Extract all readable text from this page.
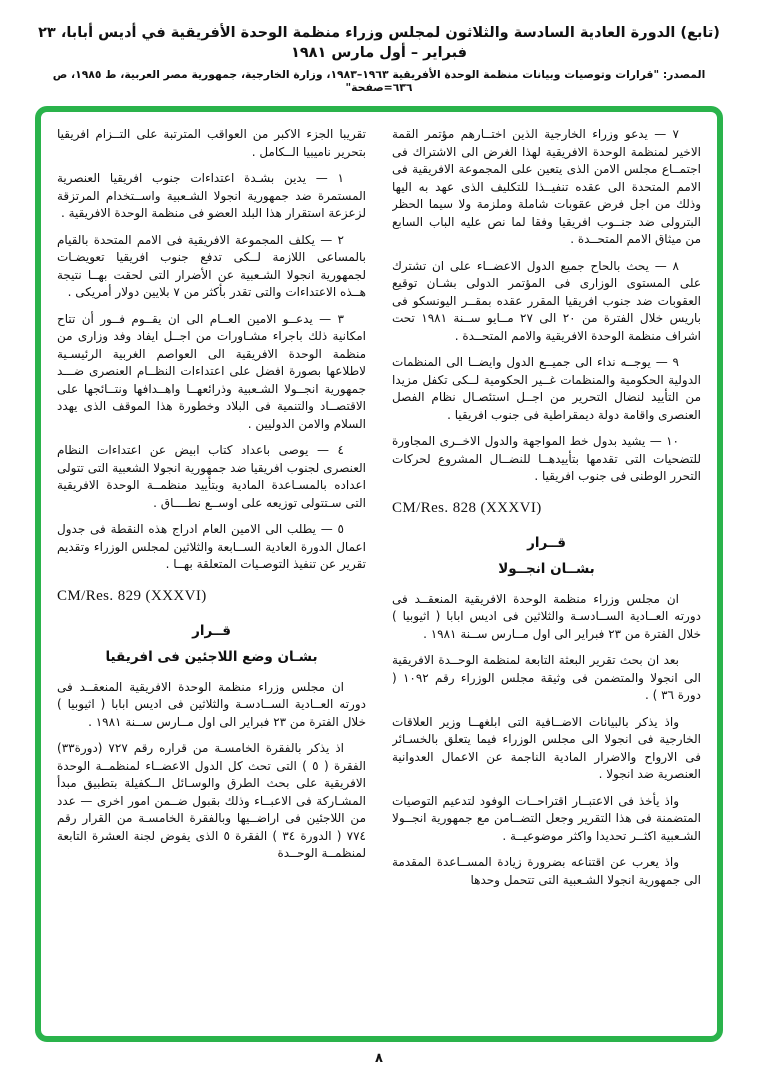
(تابع) الدورة العادية السادسة والثلاثون لمجلس وزراء منظمة الوحدة الأفريقية في أديس أبابا، ٢٣ فبراير – أول مارس ١٩٨١
المصدر: "قرارات وتوصيات وبيانات منظمة الوحدة الأفريقية ١٩٦٣–١٩٨٣، وزارة الخارجية، جمهورية مصر العربية، ط ١٩٨٥، ص ٦٣٦=صفحة"

٧ — يدعو وزراء الخارجية الذين اختــارهم مؤتمر القمة الاخير لمنظمة الوحدة الافريقية لهذا الغرض الى الاشتراك فى اجتمــاع مجلس الامن الذى يتعين على المجموعة الافريقية فى الامم المتحدة الى عقده تنفيــذا للتكليف الذى عهد به اليها وذلك من اجل فرض عقوبات شاملة وملزمة ولا سيما الحظر البترولى ضد جنــوب افريقيا وفقا لما نص عليه الباب السابع من ميثاق الامم المتحــدة .

٨ — يحث بالحاح جميع الدول الاعضــاء على ان تشترك على المستوى الوزارى فى المؤتمر الدولى بشـان توقيع العقوبات ضد جنوب افريقيا المقرر عقده بمقــر اليونسكو فى باريس خلال الفترة من ٢٠ الى ٢٧ مــايو ســنة ١٩٨١ تحت اشراف منظمة الوحدة الافريقية والامم المتحــدة .

٩ — يوجــه نداء الى جميــع الدول وايضــا الى المنظمات الدولية الحكومية والمنظمات غــير الحكومية لــكى تكفل مزيدا من التأييد لنضال التحرير من اجــل استئصـال نظام الفصل العنصرى واقامة دولة ديمقراطية فى جنوب افريقيا .

١٠ — يشيد بدول خط المواجهة والدول الاخــرى المجاورة للتضحيات التى تقدمها بتأييدهــا للنضــال المشروع لحركات التحرر الوطنى فى جنوب افريقيا .

CM/Res. 828 (XXXVI)
قــرار
بشــان انجــولا

ان مجلس وزراء منظمة الوحدة الافريقية المنعقــد فى دورته العــادية الســادسـة والثلاثين فى اديس ابابا ( اثيوبيا ) خلال الفترة من ٢٣ فبراير الى اول مــارس ســنة ١٩٨١ .

بعد ان بحث تقرير البعثة التابعة لمنظمة الوحــدة الافريقية الى انجولا والمتضمن فى وثيقة مجلس الوزراء رقم ١٠٩٢ ( دورة ٣٦ ) .

واذ يذكر بالبيانات الاضــافية التى ابلغهــا وزير العلاقات الخارجية فى انجولا الى مجلس الوزراء فيما يتعلق بالخسـائر فى الارواح والاضرار المادية الناجمة عن الاعمال العدوانية العنصرية ضد انجولا .

واذ يأخذ فى الاعتبــار اقتراحــات الوفود لتدعيم التوصيات المتضمنة فى هذا التقرير وجعل التضــامن مع جمهورية انجــولا الشـعبية اكثــر تحديدا واكثر موضوعيــة .

واذ يعرب عن اقتناعه بضرورة زيادة المســاعدة المقدمة الى جمهورية انجولا الشـعبية التى تتحمل وحدها

تقريبا الجزء الاكبر من العواقب المترتبة على التــزام افريقيا بتحرير ناميبيا الــكامل .

١ — يدين بشـدة اعتداءات جنوب افريقيا العنصرية المستمرة ضد جمهورية انجولا الشـعبية واســتخدام المرتزقة لزعزعة استقرار هذا البلد العضو فى منظمة الوحدة الافريقية .

٢ — يكلف المجموعة الافريقية فى الامم المتحدة بالقيام بالمساعى اللازمة لــكى تدفع جنوب افريقيا تعويضـات لجمهورية انجولا الشـعبية عن الأضرار التى لحقت بهــا نتيجة هــذه الاعتداءات والتى تقدر بأكثر من ٧ بلايين دولار أمريكى .

٣ — يدعــو الامين العــام الى ان يقــوم فــور أن تتاح امكانية ذلك باجراء مشـاورات من اجــل ايفاد وفد وزارى من منظمة الوحدة الافريقية الى العواصم الغربية الرئيسـية لاطلاعها بصورة افضل على اعتداءات النظــام العنصرى ضـــد جمهورية انجــولا الشـعبية وذرائعهــا واهــدافها ونتــائجها على الاقتصــاد والتنمية فى البلاد وخطورة هذا الموقف الذى يهدد السلام والامن الدوليين .

٤ — يوصى باعداد كتاب ابيض عن اعتداءات النظام العنصرى لجنوب افريقيا ضد جمهورية انجولا الشعبية التى تتولى اعداده بالمسـاعدة المادية وبتأييد منظمــة الوحدة الافريقية التى سـتتولى توزيعه على اوســع نطــــاق .

٥ — يطلب الى الامين العام ادراج هذه النقطة فى جدول اعمال الدورة العادية الســابعة والثلاثين لمجلس الوزراء وتقديم تقرير عن تنفيذ التوصـيات المتعلقة بهــا .

CM/Res. 829 (XXXVI)
قــرار
بشـان وضع اللاجئين فى افريقيا

ان مجلس وزراء منظمة الوحدة الافريقية المنعقــد فى دورته العــادية الســادسـة والثلاثين فى اديس ابابا ( اثيوبيا ) خلال الفترة من ٢٣ فبراير الى اول مــارس ســنة ١٩٨١ .

اذ يذكر بالفقرة الخامسـة من قراره رقم ٧٢٧ (دورة٣٣) الفقرة ( ٥ ) التى تحث كل الدول الاعضــاء لمنظمــة الوحدة الافريقية على بحث الطرق والوسـائل الــكفيلة بتطبيق مبدأ المشـاركة فى الاعبــاء وذلك بقبول ضــمن امور اخرى — عدد من اللاجئين فى اراضــيها وبالفقرة الخامسـة من القرار رقم ٧٧٤ ( الدورة ٣٤ ) الفقرة ٥ الذى يفوض لجنة العشرة التابعة لمنظمــة الوحــدة

٨
